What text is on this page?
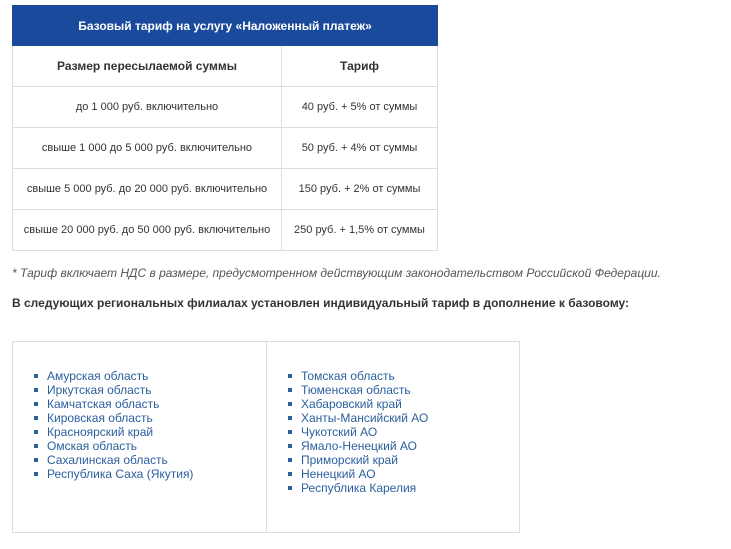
Базовый тариф на услугу «Наложенный платеж»	
Размер пересылаемой суммы	Тариф
до 1 000 руб. включительно	40 руб. + 5% от суммы
свыше 1 000 до 5 000 руб. включительно	50 руб. + 4% от суммы
свыше 5 000 руб. до 20 000 руб. включительно	150 руб. + 2% от суммы
свыше 20 000 руб. до 50 000 руб. включительно	250 руб. + 1,5% от суммы

* Тариф включает НДС в размере, предусмотренном действующим законодательством Российской Федерации.

В следующих региональных филиалах установлен индивидуальный тариф в дополнение к базовому:

Амурская область
Иркутская область
Камчатская область
Кировская область
Красноярский край
Омская область
Сахалинская область
Республика Саха (Якутия)
Томская область
Тюменская область
Хабаровский край
Ханты-Мансийский АО
Чукотский АО
Ямало-Ненецкий АО
Приморский край
Ненецкий АО
Республика Карелия
